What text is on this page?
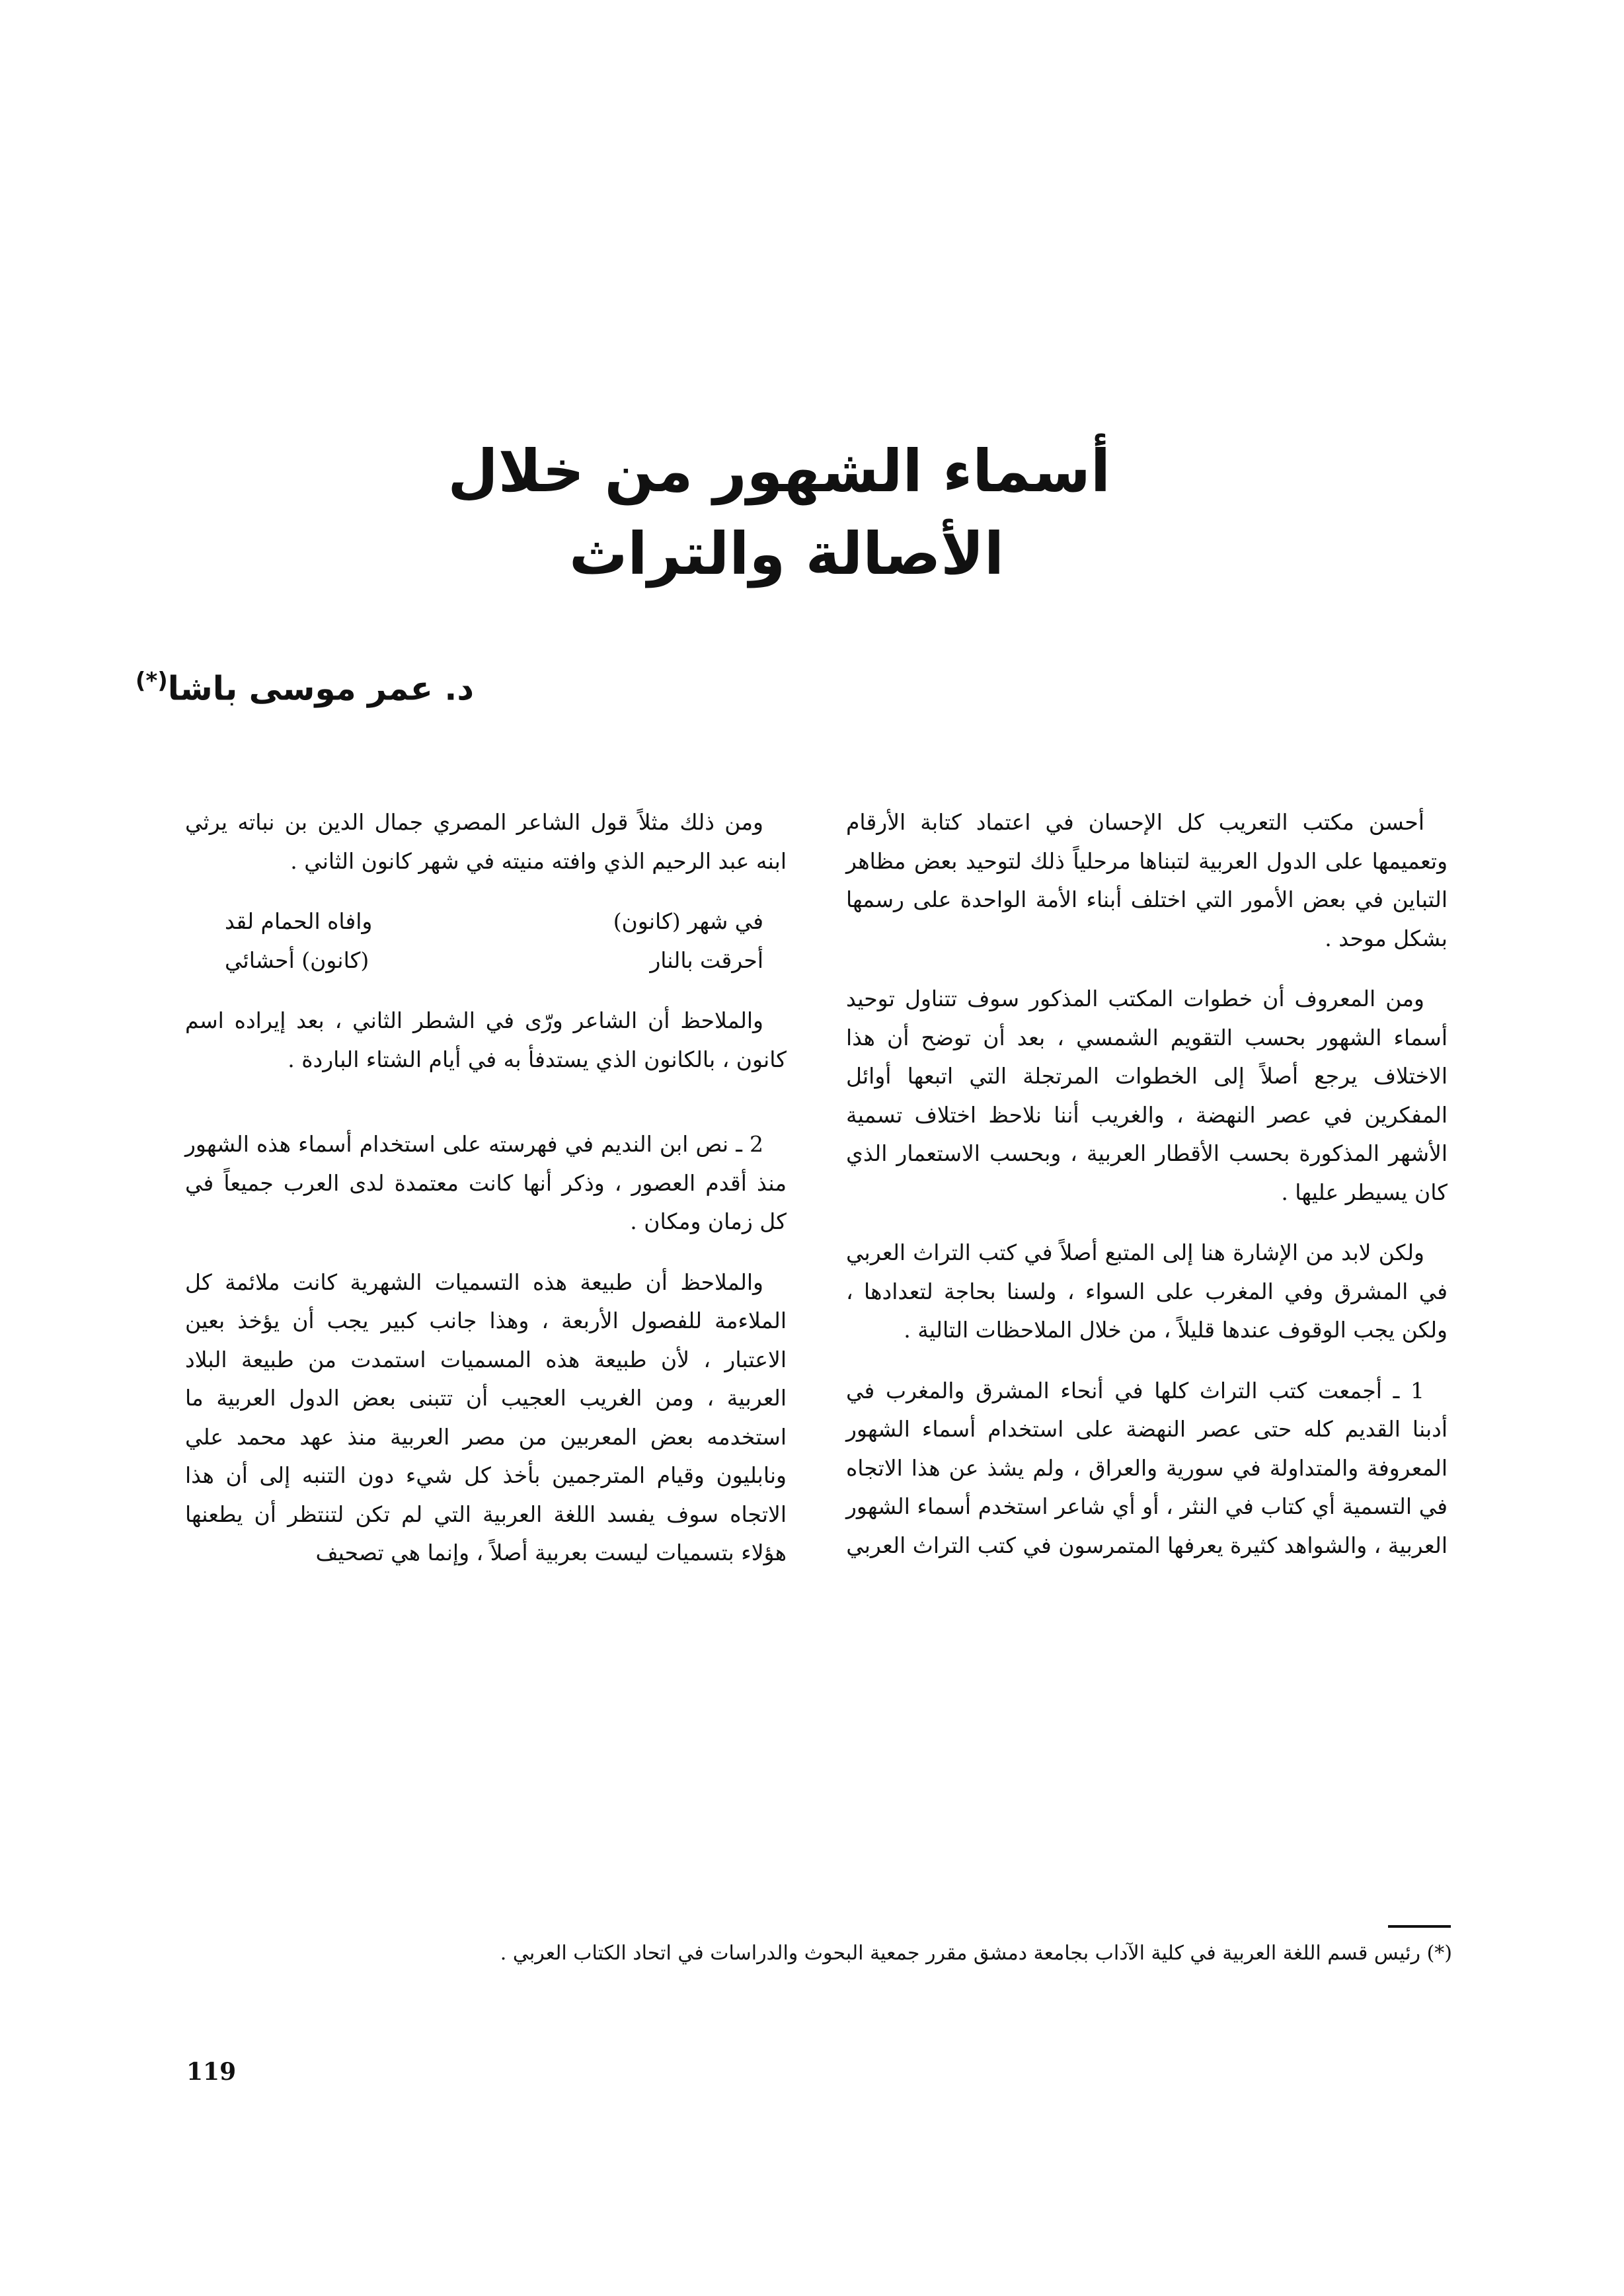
أسماء الشهور من خلال
الأصالة والتراث
د. عمر موسى باشا(*)

أحسن مكتب التعريب كل الإحسان في اعتماد كتابة الأرقام وتعميمها على الدول العربية لتبناها مرحلياً ذلك لتوحيد بعض مظاهر التباين في بعض الأمور التي اختلف أبناء الأمة الواحدة على رسمها بشكل موحد .

ومن المعروف أن خطوات المكتب المذكور سوف تتناول توحيد أسماء الشهور بحسب التقويم الشمسي ، بعد أن توضح أن هذا الاختلاف يرجع أصلاً إلى الخطوات المرتجلة التي اتبعها أوائل المفكرين في عصر النهضة ، والغريب أننا نلاحظ اختلاف تسمية الأشهر المذكورة بحسب الأقطار العربية ، وبحسب الاستعمار الذي كان يسيطر عليها .

ولكن لابد من الإشارة هنا إلى المتبع أصلاً في كتب التراث العربي في المشرق وفي المغرب على السواء ، ولسنا بحاجة لتعدادها ، ولكن يجب الوقوف عندها قليلاً ، من خلال الملاحظات التالية .

1 ـ أجمعت كتب التراث كلها في أنحاء المشرق والمغرب في أدبنا القديم كله حتى عصر النهضة على استخدام أسماء الشهور المعروفة والمتداولة في سورية والعراق ، ولم يشذ عن هذا الاتجاه في التسمية أي كتاب في النثر ، أو أي شاعر استخدم أسماء الشهور العربية ، والشواهد كثيرة يعرفها المتمرسون في كتب التراث العربي

ومن ذلك مثلاً قول الشاعر المصري جمال الدين بن نباته يرثي ابنه عبد الرحيم الذي وافته منيته في شهر كانون الثاني .

في شهر (كانون)
وافاه الحمام لقد
أحرقت بالنار
(كانون) أحشائي

والملاحظ أن الشاعر ورّى في الشطر الثاني ، بعد إيراده اسم كانون ، بالكانون الذي يستدفأ به في أيام الشتاء الباردة .

2 ـ نص ابن النديم في فهرسته على استخدام أسماء هذه الشهور منذ أقدم العصور ، وذكر أنها كانت معتمدة لدى العرب جميعاً في كل زمان ومكان .

والملاحظ أن طبيعة هذه التسميات الشهرية كانت ملائمة كل الملاءمة للفصول الأربعة ، وهذا جانب كبير يجب أن يؤخذ بعين الاعتبار ، لأن طبيعة هذه المسميات استمدت من طبيعة البلاد العربية ، ومن الغريب العجيب أن تتبنى بعض الدول العربية ما استخدمه بعض المعربين من مصر العربية منذ عهد محمد علي ونابليون وقيام المترجمين بأخذ كل شيء دون التنبه إلى أن هذا الاتجاه سوف يفسد اللغة العربية التي لم تكن لتنتظر أن يطعنها هؤلاء بتسميات ليست بعربية أصلاً ، وإنما هي تصحيف

(*) رئيس قسم اللغة العربية في كلية الآداب بجامعة دمشق مقرر جمعية البحوث والدراسات في اتحاد الكتاب العربي .
119
